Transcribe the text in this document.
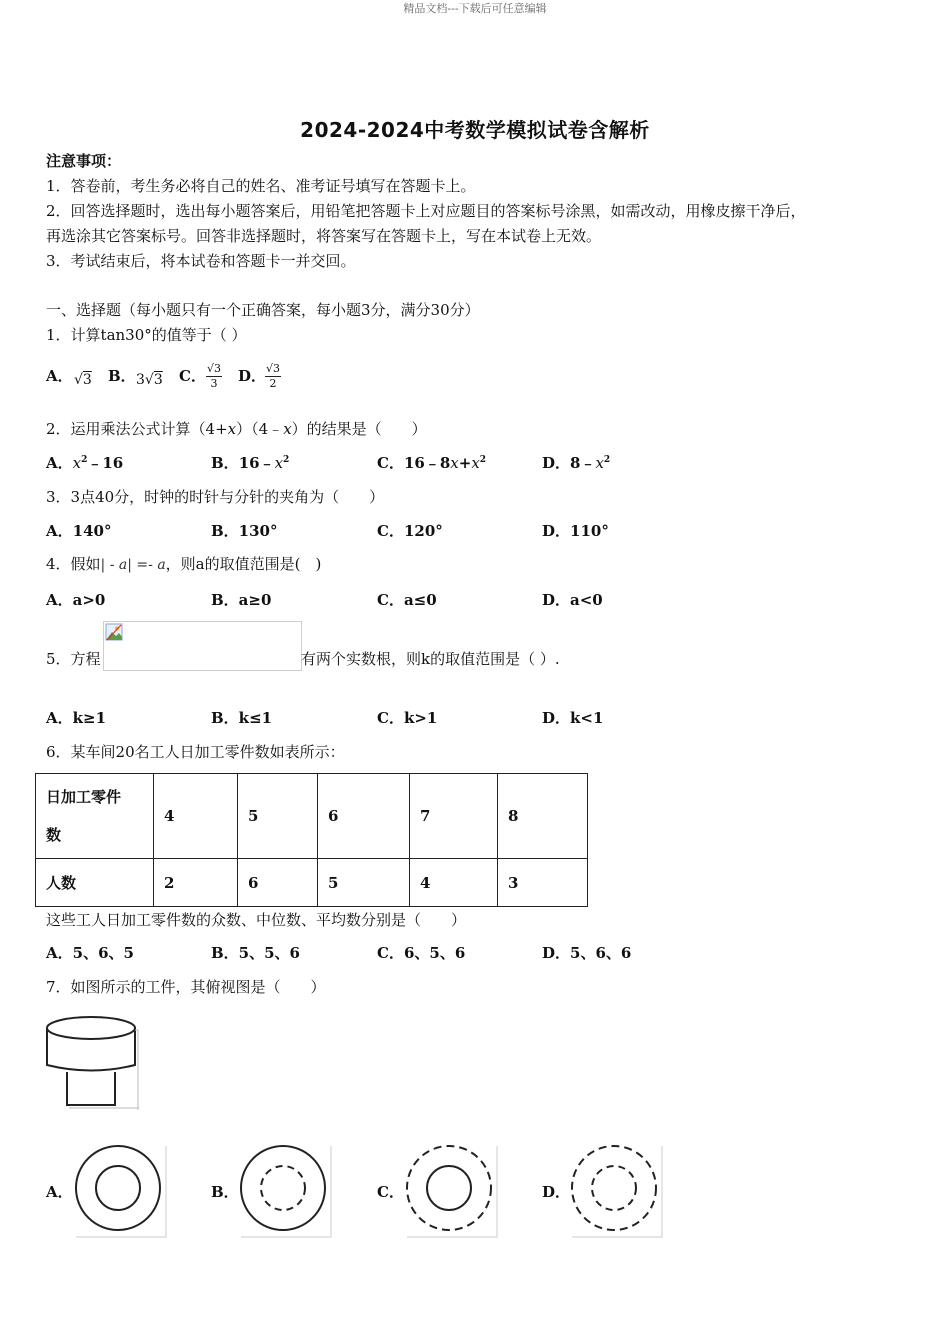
精品文档---下载后可任意编辑
2024-2024中考数学模拟试卷含解析
注意事项：
1．答卷前，考生务必将自己的姓名、准考证号填写在答题卡上。
2．回答选择题时，选出每小题答案后，用铅笔把答题卡上对应题目的答案标号涂黑，如需改动，用橡皮擦干净后，
再选涂其它答案标号。回答非选择题时，将答案写在答题卡上，写在本试卷上无效。
3．考试结束后，将本试卷和答题卡一并交回。
一、选择题（每小题只有一个正确答案，每小题3分，满分30分）
1．计算tan30°的值等于（ ）
A． √3 B． 3√3 C． $\frac{√3}{3}$ D．
$\frac{√3}{2}$
2．运用乘法公式计算（4+x）（4﹣x）的结果是（　　）
A．$x^2﹣16$	B．$16﹣x^2$	C．$16﹣8x+x^2$	D．$8﹣x^2$
3．3点40分，时钟的时针与分针的夹角为（　　）
A．140°	B．130°	C．120°	D．110°
4．假如| - a| =- a，则a的取值范围是(　)
A．a>0	B．a≥0	C．a≤0	D．a<0
5．方程	有两个实数根，则k的取值范围是（ ）.
A．k≥1	B．k≤1	C．k>1	D．k<1
6．某车间20名工人日加工零件数如表所示：
日加工零件
数	4	5	6	7	8
人数	2	6	5	4	3
这些工人日加工零件数的众数、中位数、平均数分别是（　　）
A．5、6、5	B．5、5、6	C．6、5、6	D．5、6、6
7．如图所示的工件，其俯视图是（　　）
A．	B．	C．	D．
